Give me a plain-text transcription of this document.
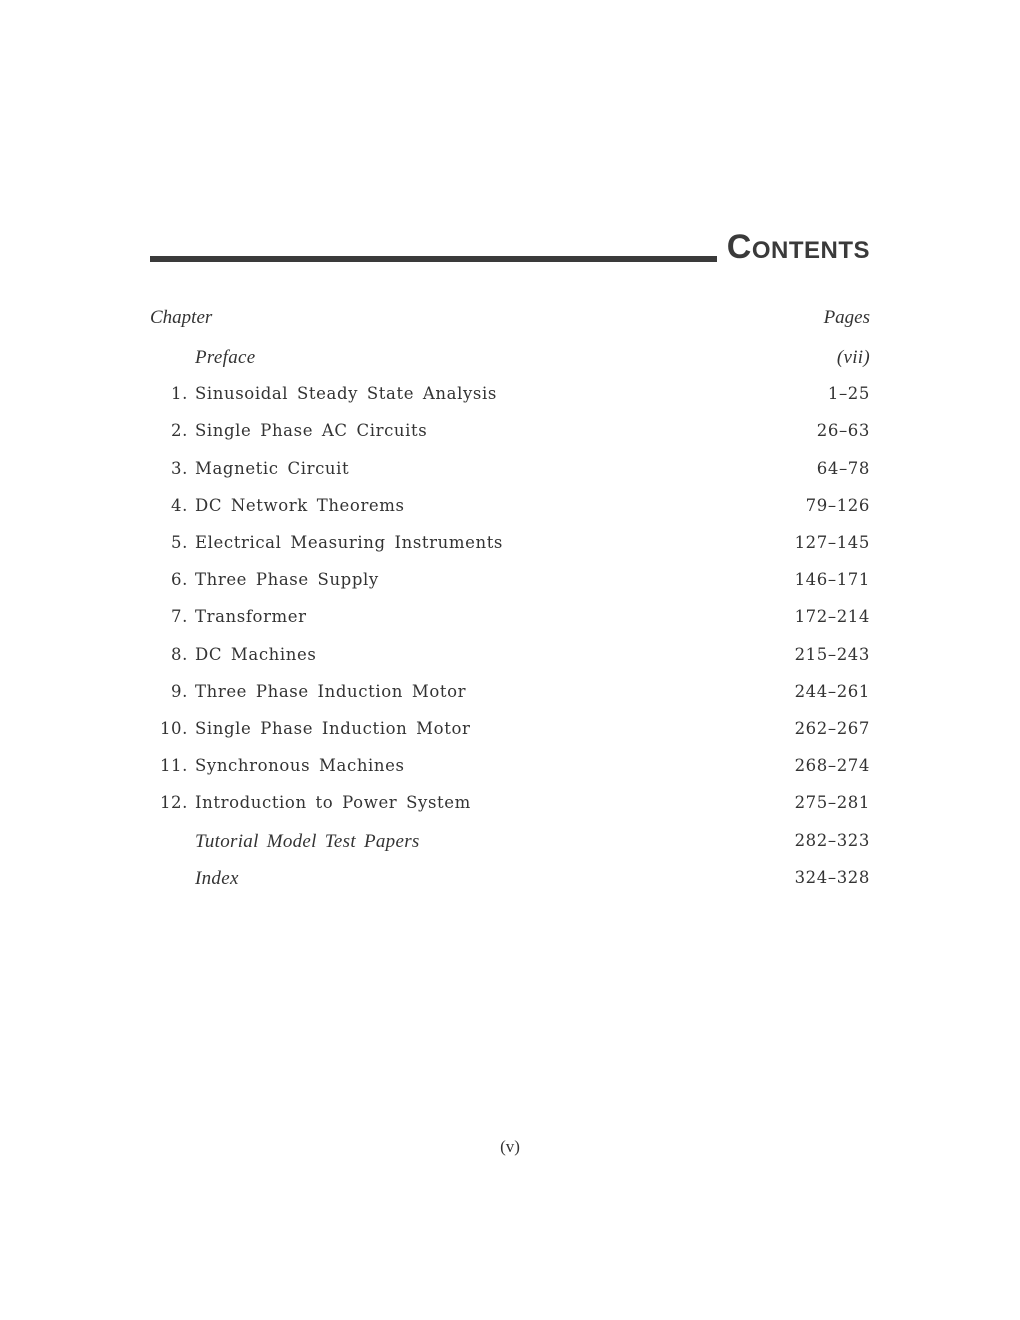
Contents
Chapter	Pages
Preface	(vii)
1. Sinusoidal Steady State Analysis	1–25
2. Single Phase AC Circuits	26–63
3. Magnetic Circuit	64–78
4. DC Network Theorems	79–126
5. Electrical Measuring Instruments	127–145
6. Three Phase Supply	146–171
7. Transformer	172–214
8. DC Machines	215–243
9. Three Phase Induction Motor	244–261
10. Single Phase Induction Motor	262–267
11. Synchronous Machines	268–274
12. Introduction to Power System	275–281
Tutorial Model Test Papers	282–323
Index	324–328
(v)
